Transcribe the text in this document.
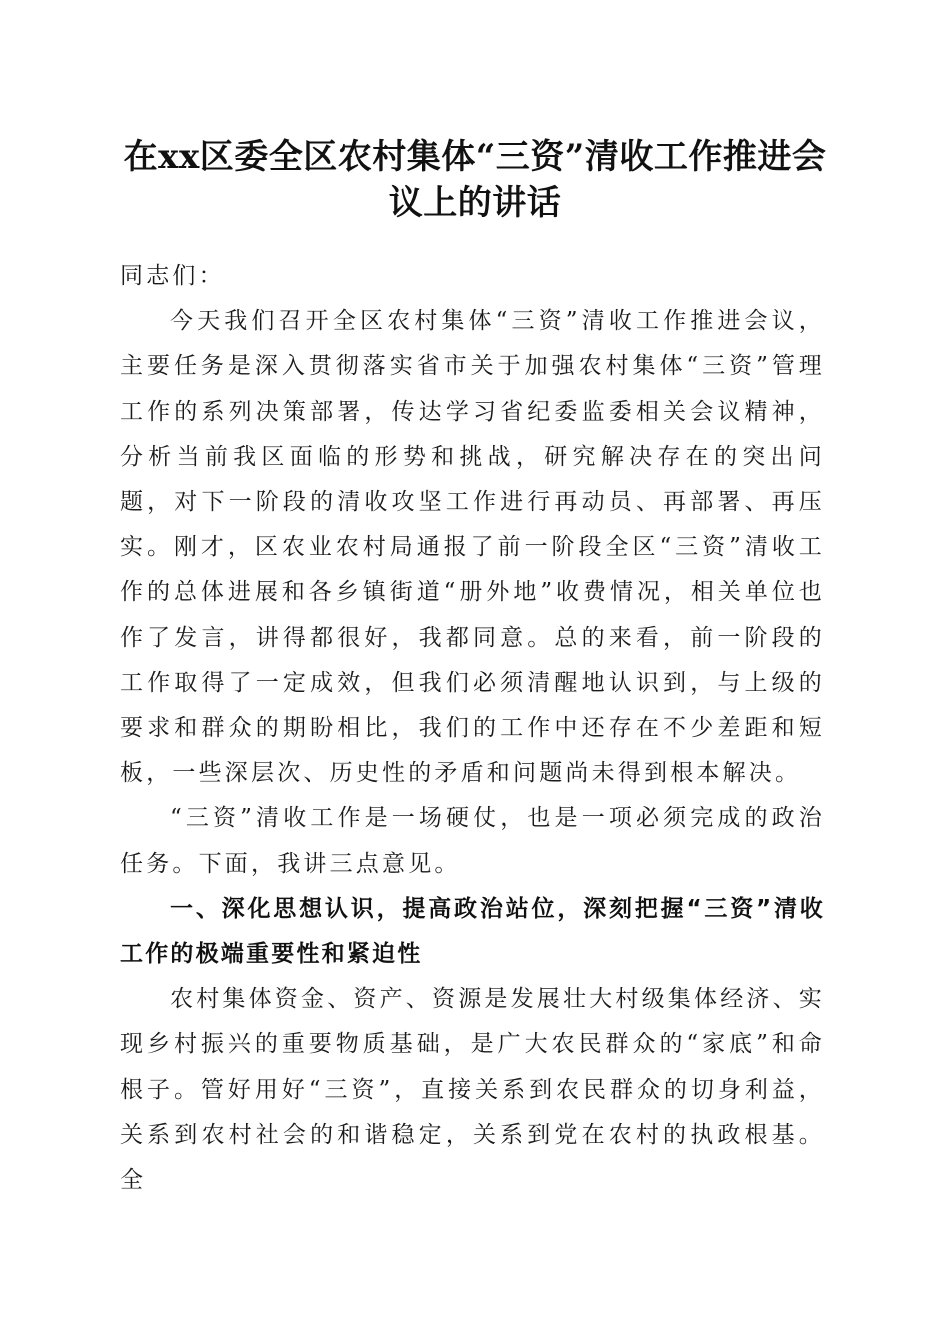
在xx区委全区农村集体“三资”清收工作推进会议上的讲话

同志们：

今天我们召开全区农村集体“三资”清收工作推进会议，主要任务是深入贯彻落实省市关于加强农村集体“三资”管理工作的系列决策部署，传达学习省纪委监委相关会议精神，分析当前我区面临的形势和挑战，研究解决存在的突出问题，对下一阶段的清收攻坚工作进行再动员、再部署、再压实。刚才，区农业农村局通报了前一阶段全区“三资”清收工作的总体进展和各乡镇街道“册外地”收费情况，相关单位也作了发言，讲得都很好，我都同意。总的来看，前一阶段的工作取得了一定成效，但我们必须清醒地认识到，与上级的要求和群众的期盼相比，我们的工作中还存在不少差距和短板，一些深层次、历史性的矛盾和问题尚未得到根本解决。

“三资”清收工作是一场硬仗，也是一项必须完成的政治任务。下面，我讲三点意见。

一、深化思想认识，提高政治站位，深刻把握“三资”清收工作的极端重要性和紧迫性

农村集体资金、资产、资源是发展壮大村级集体经济、实现乡村振兴的重要物质基础，是广大农民群众的“家底”和命根子。管好用好“三资”，直接关系到农民群众的切身利益，关系到农村社会的和谐稳定，关系到党在农村的执政根基。全
